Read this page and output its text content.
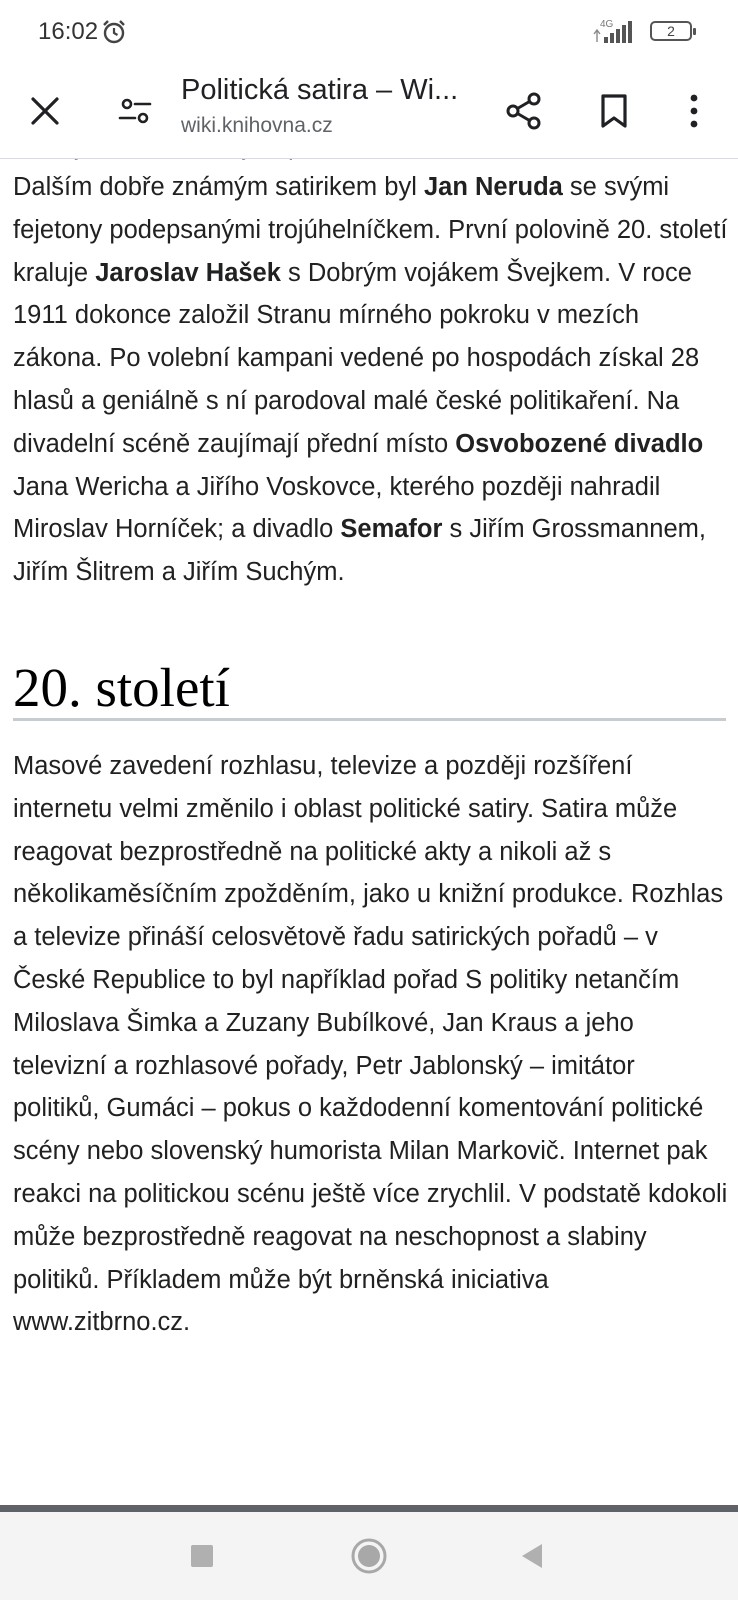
16:02	4G	2
Politická satira – Wi...
wiki.knihovna.cz

Dalším dobře známým satirikem byl Jan Neruda se svými fejetony podepsanými trojúhelníčkem. První polovině 20. století kraluje Jaroslav Hašek s Dobrým vojákem Švejkem. V roce 1911 dokonce založil Stranu mírného pokroku v mezích zákona. Po volební kampani vedené po hospodách získal 28 hlasů a geniálně s ní parodoval malé české politikaření. Na divadelní scéně zaujímají přední místo Osvobozené divadlo Jana Wericha a Jiřího Voskovce, kterého později nahradil Miroslav Horníček; a divadlo Semafor s Jiřím Grossmannem, Jiřím Šlitrem a Jiřím Suchým.

20. století

Masové zavedení rozhlasu, televize a později rozšíření internetu velmi změnilo i oblast politické satiry. Satira může reagovat bezprostředně na politické akty a nikoli až s několikaměsíčním zpožděním, jako u knižní produkce. Rozhlas a televize přináší celosvětově řadu satirických pořadů – v České Republice to byl například pořad S politiky netančím Miloslava Šimka a Zuzany Bubílkové, Jan Kraus a jeho televizní a rozhlasové pořady, Petr Jablonský – imitátor politiků, Gumáci – pokus o každodenní komentování politické scény nebo slovenský humorista Milan Markovič. Internet pak reakci na politickou scénu ještě více zrychlil. V podstatě kdokoli může bezprostředně reagovat na neschopnost a slabiny politiků. Příkladem může být brněnská iniciativa www.zitbrno.cz.
